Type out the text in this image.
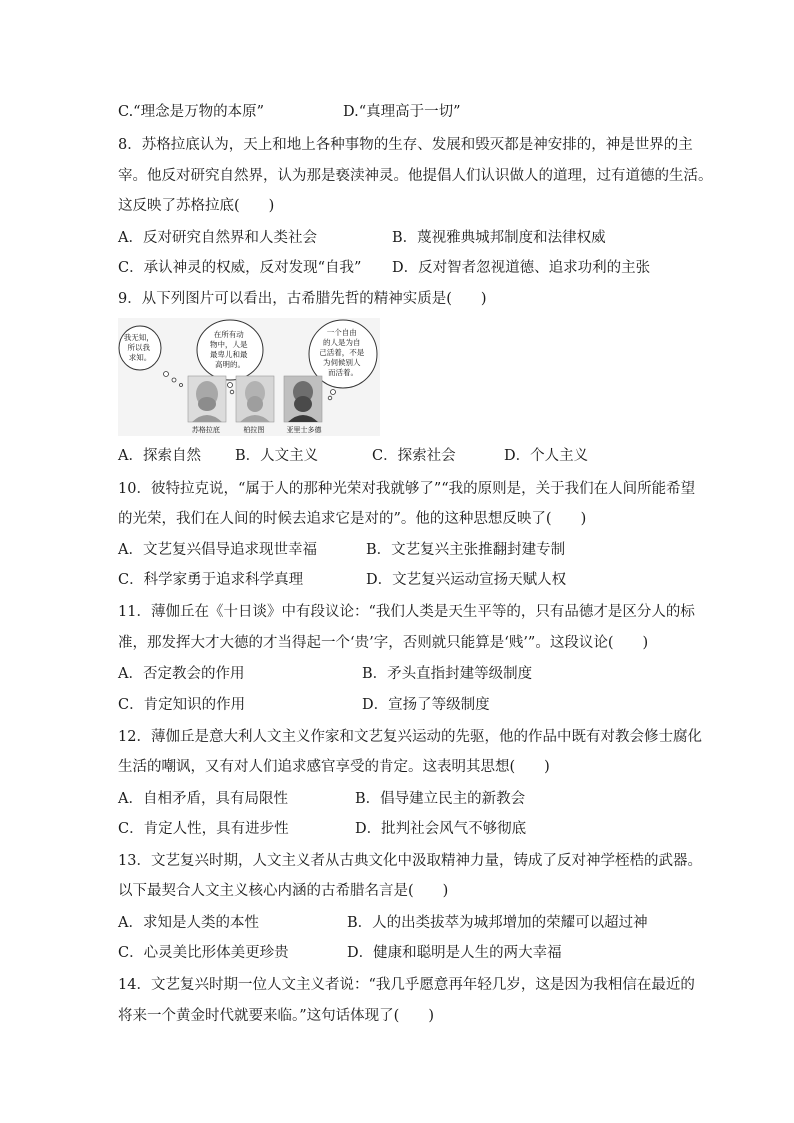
C.“理念是万物的本原”	D.“真理高于一切”
8．苏格拉底认为，天上和地上各种事物的生存、发展和毁灭都是神安排的，神是世界的主
宰。他反对研究自然界，认为那是亵渎神灵。他提倡人们认识做人的道理，过有道德的生活。
这反映了苏格拉底(　　)
A．反对研究自然界和人类社会	B．蔑视雅典城邦制度和法律权威
C．承认神灵的权威，反对发现“自我” D．反对智者忽视道德、追求功利的主张
9．从下列图片可以看出，古希腊先哲的精神实质是(　　)
我无知， 所以我 求知。
在所有动 物中，人是 最卑儿和最 高明的。
一个自由 的人是为自 己活着，不是 为伺候别人 而活着。
苏格拉底	柏拉图	亚里士多德
A．探索自然 B．人文主义	C．探索社会	D．个人主义
10．彼特拉克说，“属于人的那种光荣对我就够了”“我的原则是，关于我们在人间所能希望
的光荣，我们在人间的时候去追求它是对的”。他的这种思想反映了(　　)
A．文艺复兴倡导追求现世幸福	B．文艺复兴主张推翻封建专制
C．科学家勇于追求科学真理	D．文艺复兴运动宣扬天赋人权
11．薄伽丘在《十日谈》中有段议论：“我们人类是天生平等的，只有品德才是区分人的标
准，那发挥大才大德的才当得起一个‘贵’字，否则就只能算是‘贱’”。这段议论(　　)
A．否定教会的作用	B．矛头直指封建等级制度
C．肯定知识的作用	D．宣扬了等级制度
12．薄伽丘是意大利人文主义作家和文艺复兴运动的先驱，他的作品中既有对教会修士腐化
生活的嘲讽，又有对人们追求感官享受的肯定。这表明其思想(　　)
A．自相矛盾，具有局限性	B．倡导建立民主的新教会
C．肯定人性，具有进步性	D．批判社会风气不够彻底
13．文艺复兴时期，人文主义者从古典文化中汲取精神力量，铸成了反对神学桎梏的武器。
以下最契合人文主义核心内涵的古希腊名言是(　　)
A．求知是人类的本性	B．人的出类拔萃为城邦增加的荣耀可以超过神
C．心灵美比形体美更珍贵	D．健康和聪明是人生的两大幸福
14．文艺复兴时期一位人文主义者说：“我几乎愿意再年轻几岁，这是因为我相信在最近的
将来一个黄金时代就要来临。”这句话体现了(　　)
